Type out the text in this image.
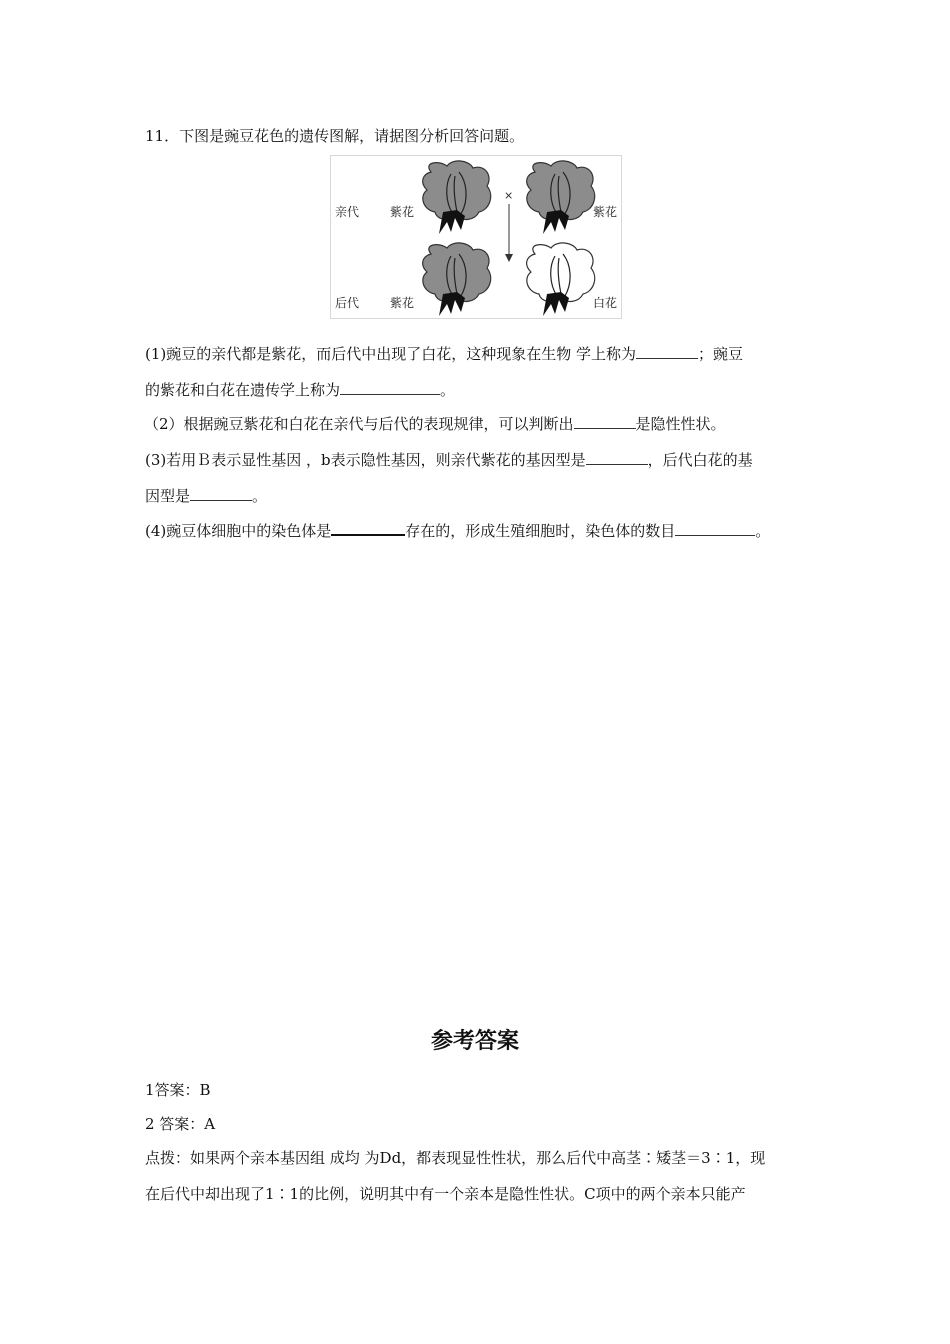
11．下图是豌豆花色的遗传图解，请据图分析回答问题。
亲代	紫花	紫花
后代	紫花	白花
×
(1)豌豆的亲代都是紫花，而后代中出现了白花，这种现象在生物 学上称为	；豌豆
的紫花和白花在遗传学上称为	。
（2）根据豌豆紫花和白花在亲代与后代的表现规律，可以判断出	是隐性性状。
(3)若用Ｂ表示显性基因 ，b表示隐性基因，则亲代紫花的基因型是	，后代白花的基
因型是	。
(4)豌豆体细胞中的染色体是	存在的，形成生殖细胞时，染色体的数目	。
参考答案
1答案：B
2 答案：A
点拨：如果两个亲本基因组 成均 为Dd，都表现显性性状，那么后代中高茎∶矮茎＝3∶1，现
在后代中却出现了1∶1的比例，说明其中有一个亲本是隐性性状。C项中的两个亲本只能产
